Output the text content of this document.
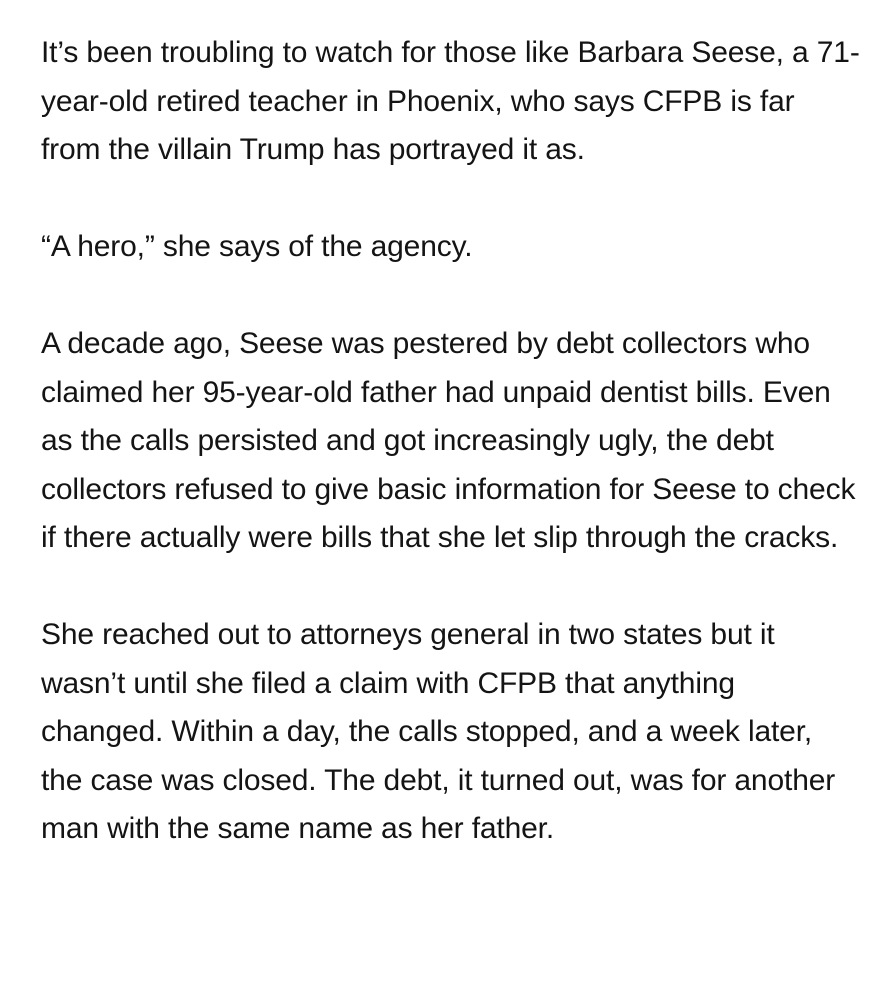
It’s been troubling to watch for those like Barbara Seese, a 71-year-old retired teacher in Phoenix, who says CFPB is far from the villain Trump has portrayed it as.

“A hero,” she says of the agency.

A decade ago, Seese was pestered by debt collectors who claimed her 95-year-old father had unpaid dentist bills. Even as the calls persisted and got increasingly ugly, the debt collectors refused to give basic information for Seese to check if there actually were bills that she let slip through the cracks.

She reached out to attorneys general in two states but it wasn’t until she filed a claim with CFPB that anything changed. Within a day, the calls stopped, and a week later, the case was closed. The debt, it turned out, was for another man with the same name as her father.
